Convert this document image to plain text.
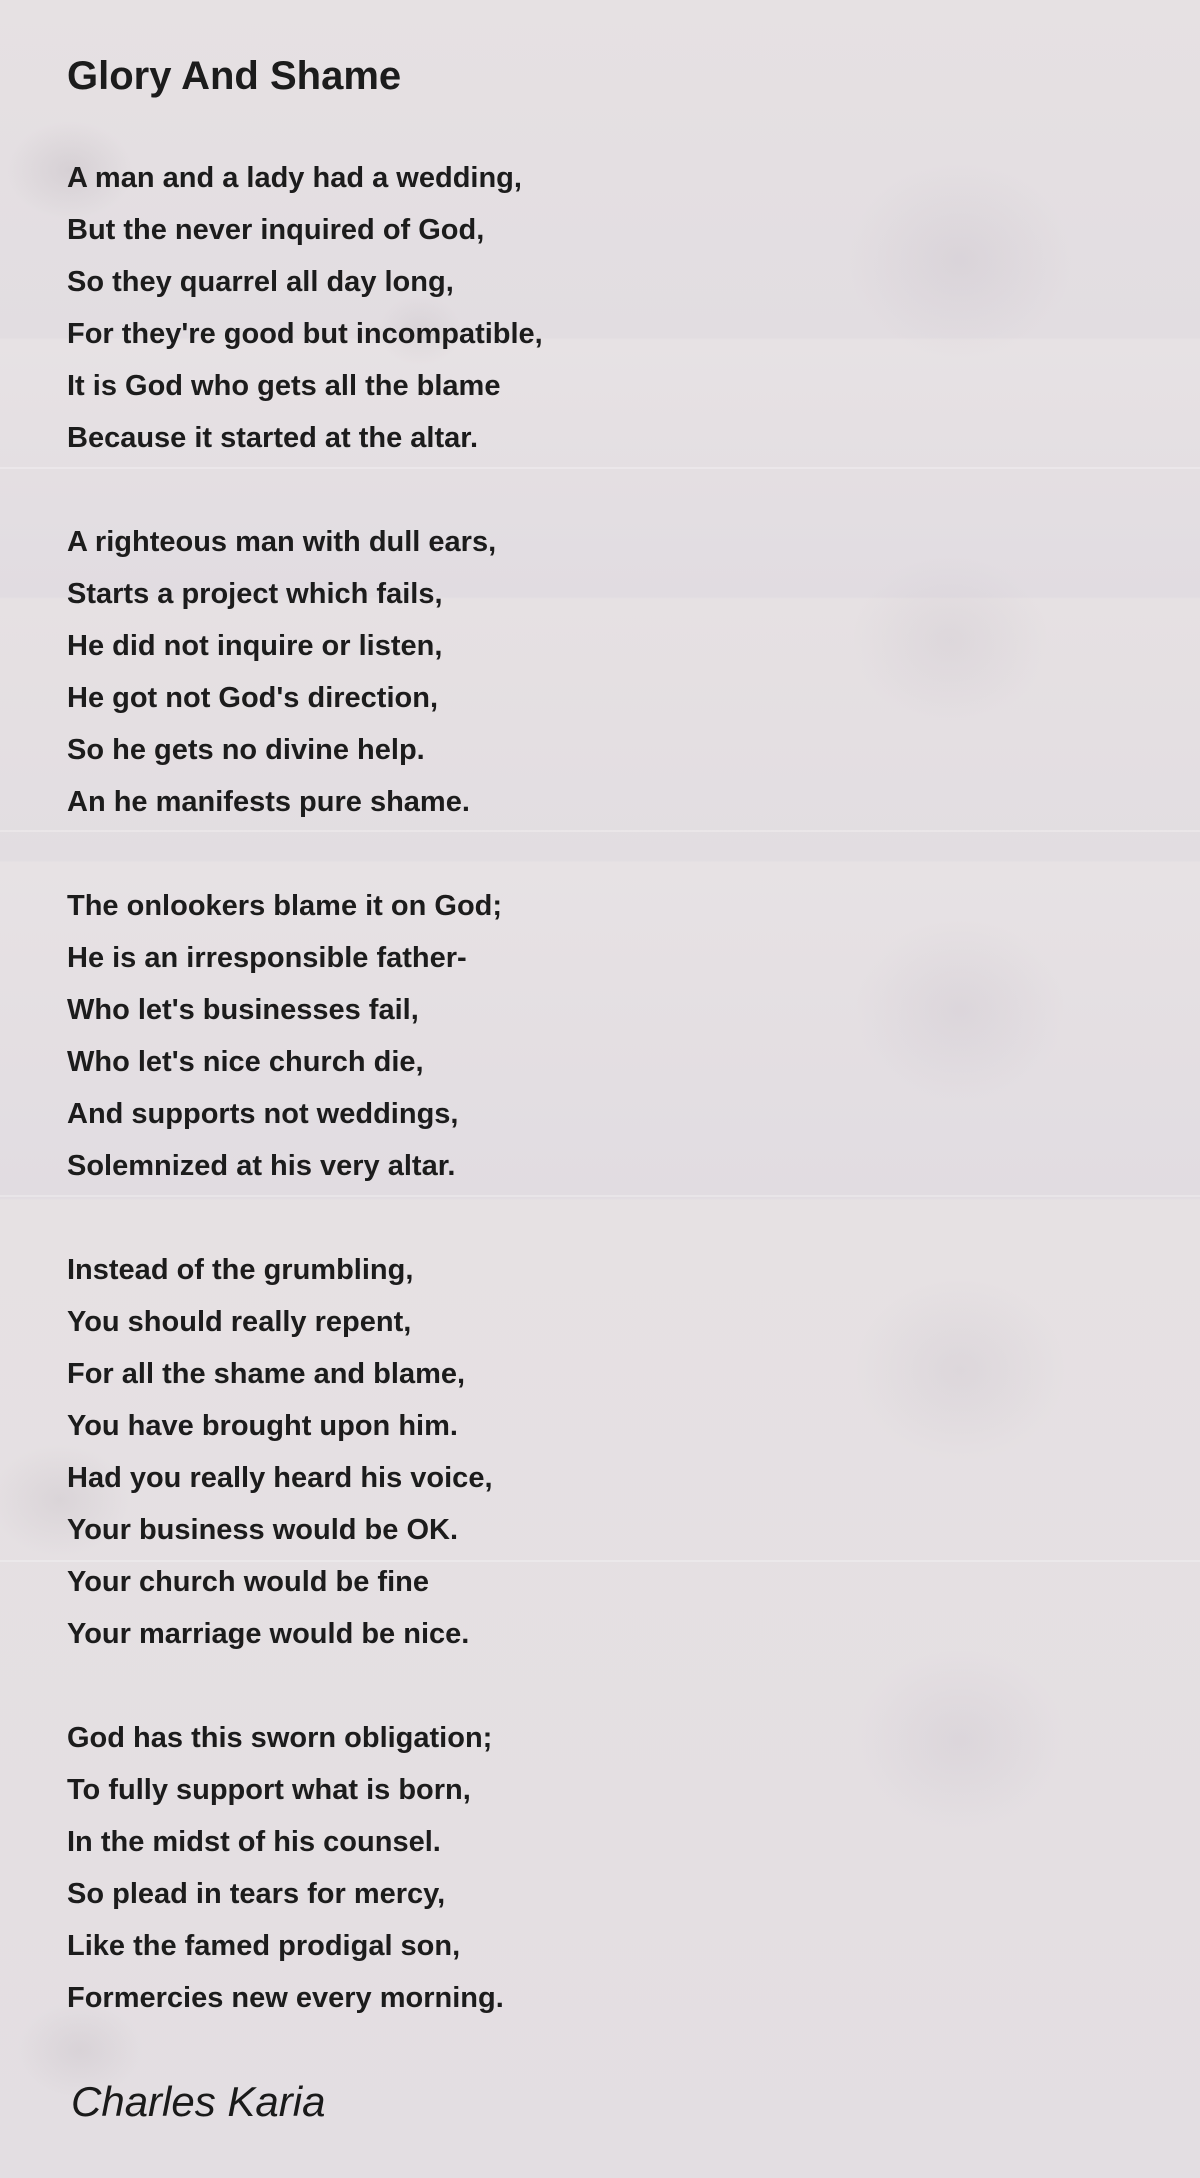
Glory And Shame
A man and a lady had a wedding,
But the never inquired of God,
So they quarrel all day long,
For they're good but incompatible,
It is God who gets all the blame
Because it started at the altar.
A righteous man with dull ears,
Starts a project which fails,
He did not inquire or listen,
He got not God's direction,
So he gets no divine help.
An he manifests pure shame.
The onlookers blame it on God;
He is an irresponsible father-
Who let's businesses fail,
Who let's nice church die,
And supports not weddings,
Solemnized at his very altar.
Instead of the grumbling,
You should really repent,
For all the shame and blame,
You have brought upon him.
Had you really heard his voice,
Your business would be OK.
Your church would be fine
Your marriage would be nice.
God has this sworn obligation;
To fully support what is born,
In the midst of his counsel.
So plead in tears for mercy,
Like the famed prodigal son,
Formercies new every morning.
Charles Karia
